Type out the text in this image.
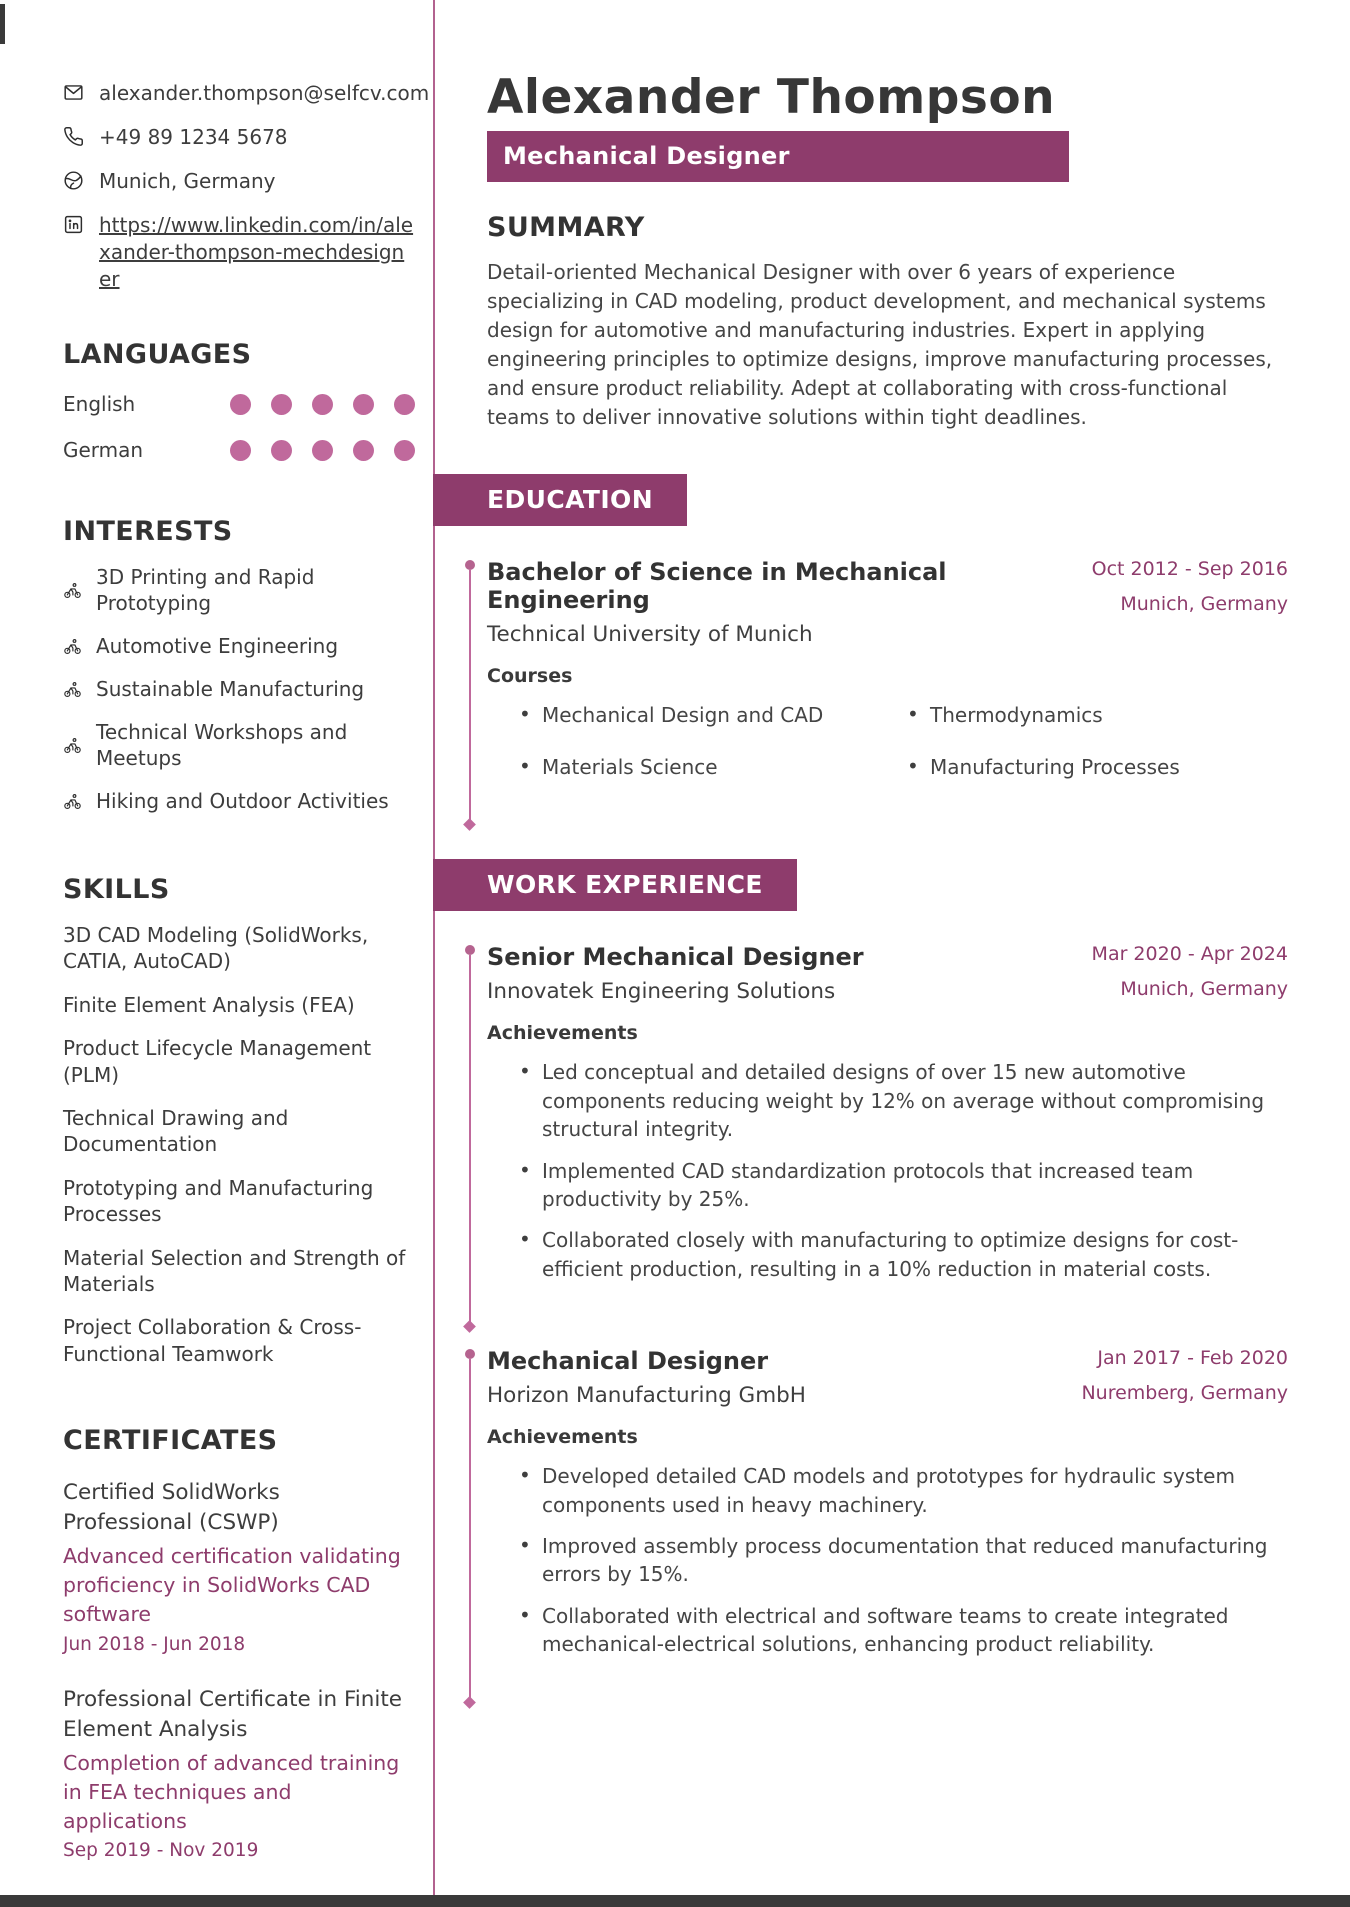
alexander.thompson@selfcv.com
+49 89 1234 5678
Munich, Germany
https://www.linkedin.com/in/alexander-thompson-mechdesigner
LANGUAGES
English
German
INTERESTS
3D Printing and Rapid Prototyping
Automotive Engineering
Sustainable Manufacturing
Technical Workshops and Meetups
Hiking and Outdoor Activities
SKILLS
3D CAD Modeling (SolidWorks, CATIA, AutoCAD)
Finite Element Analysis (FEA)
Product Lifecycle Management (PLM)
Technical Drawing and Documentation
Prototyping and Manufacturing Processes
Material Selection and Strength of Materials
Project Collaboration & Cross-Functional Teamwork
CERTIFICATES
Certified SolidWorks Professional (CSWP)
Advanced certification validating proficiency in SolidWorks CAD software
Jun 2018 - Jun 2018
Professional Certificate in Finite Element Analysis
Completion of advanced training in FEA techniques and applications
Sep 2019 - Nov 2019
Alexander Thompson
Mechanical Designer
SUMMARY

Detail-oriented Mechanical Designer with over 6 years of experience specializing in CAD modeling, product development, and mechanical systems design for automotive and manufacturing industries. Expert in applying engineering principles to optimize designs, improve manufacturing processes, and ensure product reliability. Adept at collaborating with cross-functional teams to deliver innovative solutions within tight deadlines.

EDUCATION
Bachelor of Science in Mechanical Engineering
Technical University of Munich
Oct 2012 - Sep 2016
Munich, Germany
Courses
• Mechanical Design and CAD	• Thermodynamics
• Materials Science	• Manufacturing Processes
WORK EXPERIENCE
Senior Mechanical Designer
Innovatek Engineering Solutions
Mar 2020 - Apr 2024
Munich, Germany
Achievements
• Led conceptual and detailed designs of over 15 new automotive components reducing weight by 12% on average without compromising structural integrity.
• Implemented CAD standardization protocols that increased team productivity by 25%.
• Collaborated closely with manufacturing to optimize designs for cost-efficient production, resulting in a 10% reduction in material costs.
Mechanical Designer
Horizon Manufacturing GmbH
Jan 2017 - Feb 2020
Nuremberg, Germany
Achievements
• Developed detailed CAD models and prototypes for hydraulic system components used in heavy machinery.
• Improved assembly process documentation that reduced manufacturing errors by 15%.
• Collaborated with electrical and software teams to create integrated mechanical-electrical solutions, enhancing product reliability.
